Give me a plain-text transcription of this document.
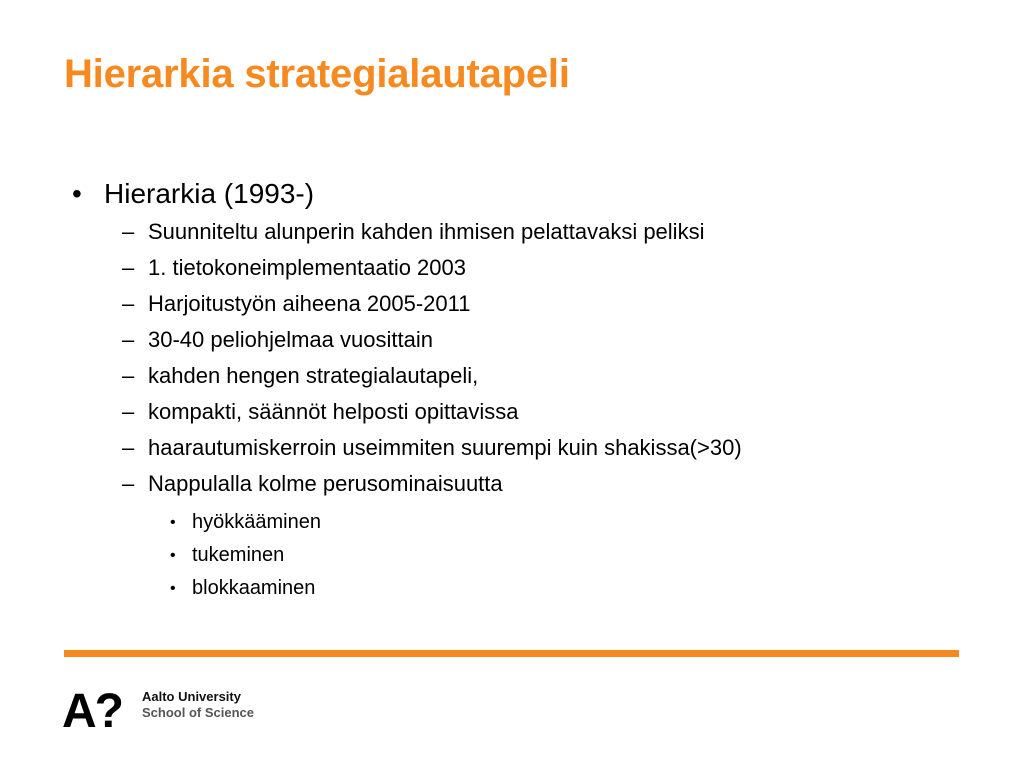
Hierarkia strategialautapeli
• Hierarkia (1993-)
– Suunniteltu alunperin kahden ihmisen pelattavaksi peliksi
– 1. tietokoneimplementaatio 2003
– Harjoitustyön aiheena 2005-2011
– 30-40 peliohjelmaa vuosittain
– kahden hengen strategialautapeli,
– kompakti, säännöt helposti opittavissa
– haarautumiskerroin useimmiten suurempi kuin shakissa(>30)
– Nappulalla kolme perusominaisuutta
• hyökkääminen
• tukeminen
• blokkaaminen
A? Aalto University
School of Science
